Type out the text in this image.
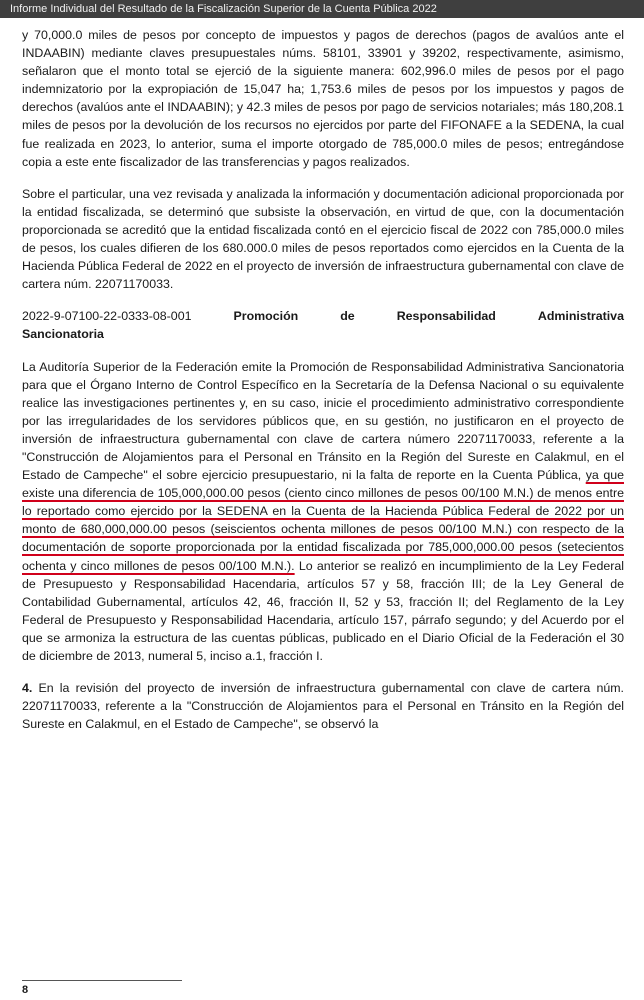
Informe Individual del Resultado de la Fiscalización Superior de la Cuenta Pública 2022

y 70,000.0 miles de pesos por concepto de impuestos y pagos de derechos (pagos de avalúos ante el INDAABIN) mediante claves presupuestales núms. 58101, 33901 y 39202, respectivamente, asimismo, señalaron que el monto total se ejerció de la siguiente manera: 602,996.0 miles de pesos por el pago indemnizatorio por la expropiación de 15,047 ha; 1,753.6 miles de pesos por los impuestos y pagos de derechos (avalúos ante el INDAABIN); y 42.3 miles de pesos por pago de servicios notariales; más 180,208.1 miles de pesos por la devolución de los recursos no ejercidos por parte del FIFONAFE a la SEDENA, la cual fue realizada en 2023, lo anterior, suma el importe otorgado de 785,000.0 miles de pesos; entregándose copia a este ente fiscalizador de las transferencias y pagos realizados.

Sobre el particular, una vez revisada y analizada la información y documentación adicional proporcionada por la entidad fiscalizada, se determinó que subsiste la observación, en virtud de que, con la documentación proporcionada se acreditó que la entidad fiscalizada contó en el ejercicio fiscal de 2022 con 785,000.0 miles de pesos, los cuales difieren de los 680.000.0 miles de pesos reportados como ejercidos en la Cuenta de la Hacienda Pública Federal de 2022 en el proyecto de inversión de infraestructura gubernamental con clave de cartera núm. 22071170033.

2022-9-07100-22-0333-08-001	Promoción	de	Responsabilidad	Administrativa
Sancionatoria

La Auditoría Superior de la Federación emite la Promoción de Responsabilidad Administrativa Sancionatoria para que el Órgano Interno de Control Específico en la Secretaría de la Defensa Nacional o su equivalente realice las investigaciones pertinentes y, en su caso, inicie el procedimiento administrativo correspondiente por las irregularidades de los servidores públicos que, en su gestión, no justificaron en el proyecto de inversión de infraestructura gubernamental con clave de cartera número 22071170033, referente a la "Construcción de Alojamientos para el Personal en Tránsito en la Región del Sureste en Calakmul, en el Estado de Campeche" el sobre ejercicio presupuestario, ni la falta de reporte en la Cuenta Pública, ya que existe una diferencia de 105,000,000.00 pesos (ciento cinco millones de pesos 00/100 M.N.) de menos entre lo reportado como ejercido por la SEDENA en la Cuenta de la Hacienda Pública Federal de 2022 por un monto de 680,000,000.00 pesos (seiscientos ochenta millones de pesos 00/100 M.N.) con respecto de la documentación de soporte proporcionada por la entidad fiscalizada por 785,000,000.00 pesos (setecientos ochenta y cinco millones de pesos 00/100 M.N.). Lo anterior se realizó en incumplimiento de la Ley Federal de Presupuesto y Responsabilidad Hacendaria, artículos 57 y 58, fracción III; de la Ley General de Contabilidad Gubernamental, artículos 42, 46, fracción II, 52 y 53, fracción II; del Reglamento de la Ley Federal de Presupuesto y Responsabilidad Hacendaria, artículo 157, párrafo segundo; y del Acuerdo por el que se armoniza la estructura de las cuentas públicas, publicado en el Diario Oficial de la Federación el 30 de diciembre de 2013, numeral 5, inciso a.1, fracción I.

4. En la revisión del proyecto de inversión de infraestructura gubernamental con clave de cartera núm. 22071170033, referente a la "Construcción de Alojamientos para el Personal en Tránsito en la Región del Sureste en Calakmul, en el Estado de Campeche", se observó la

8
